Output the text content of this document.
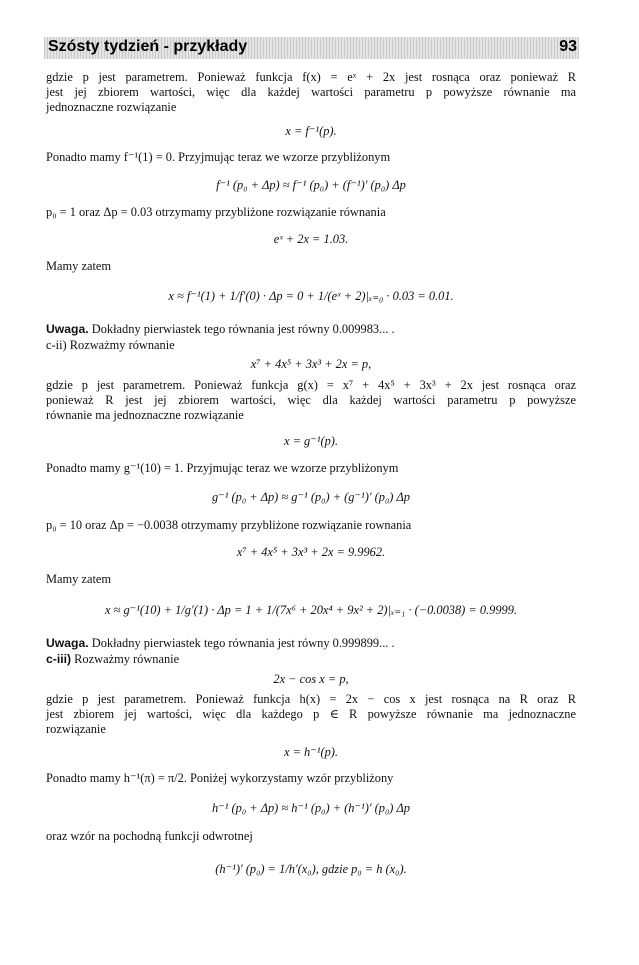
Szósty tydzień - przykłady	93
gdzie p jest parametrem. Ponieważ funkcja f(x) = eˣ + 2x jest rosnąca oraz ponieważ R
jest jej zbiorem wartości, więc dla każdej wartości parametru p powyższe równanie ma
jednoznaczne rozwiązanie
x = f⁻¹(p).
Ponadto mamy f⁻¹(1) = 0. Przyjmując teraz we wzorze przybliżonym
f⁻¹ (p₀ + Δp) ≈ f⁻¹ (p₀) + (f⁻¹)′ (p₀) Δp
p₀ = 1 oraz Δp = 0.03 otrzymamy przybliżone rozwiązanie równania
eˣ + 2x = 1.03.
Mamy zatem
x ≈ f⁻¹(1) + 1/f′(0) · Δp = 0 + 1/(eˣ + 2)|ₓ₌₀ · 0.03 = 0.01.
Uwaga. Dokładny pierwiastek tego równania jest równy 0.009983... .
c-ii) Rozważmy równanie
x⁷ + 4x⁵ + 3x³ + 2x = p,
gdzie p jest parametrem. Ponieważ funkcja g(x) = x⁷ + 4x⁵ + 3x³ + 2x jest rosnąca oraz
ponieważ R jest jej zbiorem wartości, więc dla każdej wartości parametru p powyższe
równanie ma jednoznaczne rozwiązanie
x = g⁻¹(p).
Ponadto mamy g⁻¹(10) = 1. Przyjmując teraz we wzorze przybliżonym
g⁻¹ (p₀ + Δp) ≈ g⁻¹ (p₀) + (g⁻¹)′ (p₀) Δp
p₀ = 10 oraz Δp = −0.0038 otrzymamy przybliżone rozwiązanie rownania
x⁷ + 4x⁵ + 3x³ + 2x = 9.9962.
Mamy zatem
x ≈ g⁻¹(10) + 1/g′(1) · Δp = 1 + 1/(7x⁶ + 20x⁴ + 9x² + 2)|ₓ₌₁ · (−0.0038) = 0.9999.
Uwaga. Dokładny pierwiastek tego równania jest równy 0.999899... .
c-iii) Rozważmy równanie
2x − cos x = p,
gdzie p jest parametrem. Ponieważ funkcja h(x) = 2x − cos x jest rosnąca na R oraz R
jest zbiorem jej wartości, więc dla każdego p ∈ R powyższe równanie ma jednoznaczne
rozwiązanie
x = h⁻¹(p).
Ponadto mamy h⁻¹(π) = π/2. Poniżej wykorzystamy wzór przybliżony
h⁻¹ (p₀ + Δp) ≈ h⁻¹ (p₀) + (h⁻¹)′ (p₀) Δp
oraz wzór na pochodną funkcji odwrotnej
(h⁻¹)′ (p₀) = 1/h′(x₀), gdzie p₀ = h (x₀).
